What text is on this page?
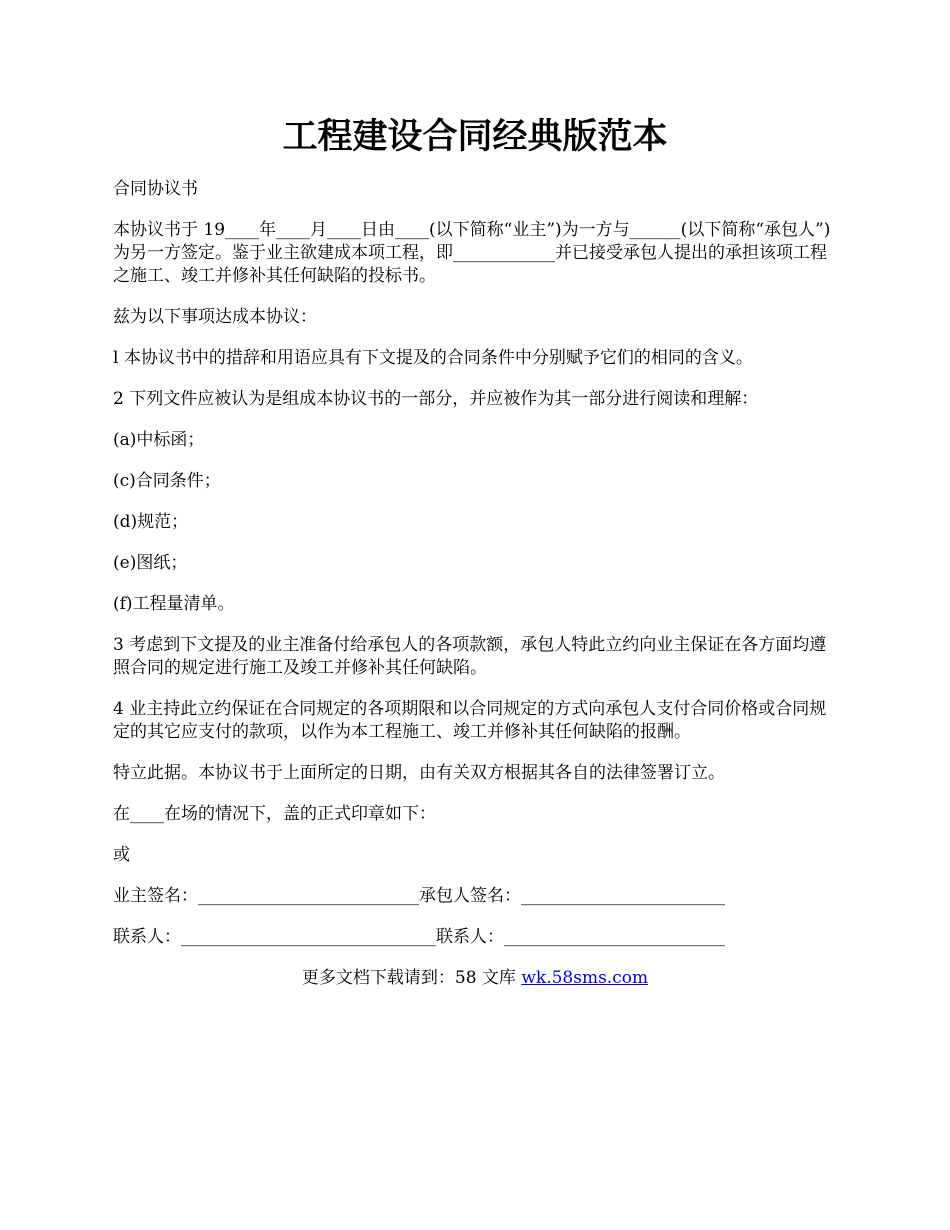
工程建设合同经典版范本

合同协议书

本协议书于 19____年____月____日由____(以下简称“业主”)为一方与______(以下简称“承包人”)为另一方签定。鉴于业主欲建成本项工程，即____________并已接受承包人提出的承担该项工程之施工、竣工并修补其任何缺陷的投标书。

兹为以下事项达成本协议：

l 本协议书中的措辞和用语应具有下文提及的合同条件中分别赋予它们的相同的含义。

2 下列文件应被认为是组成本协议书的一部分，并应被作为其一部分进行阅读和理解：

(a)中标函；

(c)合同条件；

(d)规范；

(e)图纸；

(f)工程量清单。

3 考虑到下文提及的业主准备付给承包人的各项款额，承包人特此立约向业主保证在各方面均遵照合同的规定进行施工及竣工并修补其任何缺陷。

4 业主持此立约保证在合同规定的各项期限和以合同规定的方式向承包人支付合同价格或合同规定的其它应支付的款项，以作为本工程施工、竣工并修补其任何缺陷的报酬。

特立此据。本协议书于上面所定的日期，由有关双方根据其各自的法律签署订立。

在____在场的情况下，盖的正式印章如下：

或

业主签名：__________________________承包人签名：________________________

联系人：______________________________联系人：__________________________

更多文档下载请到：58 文库 wk.58sms.com
